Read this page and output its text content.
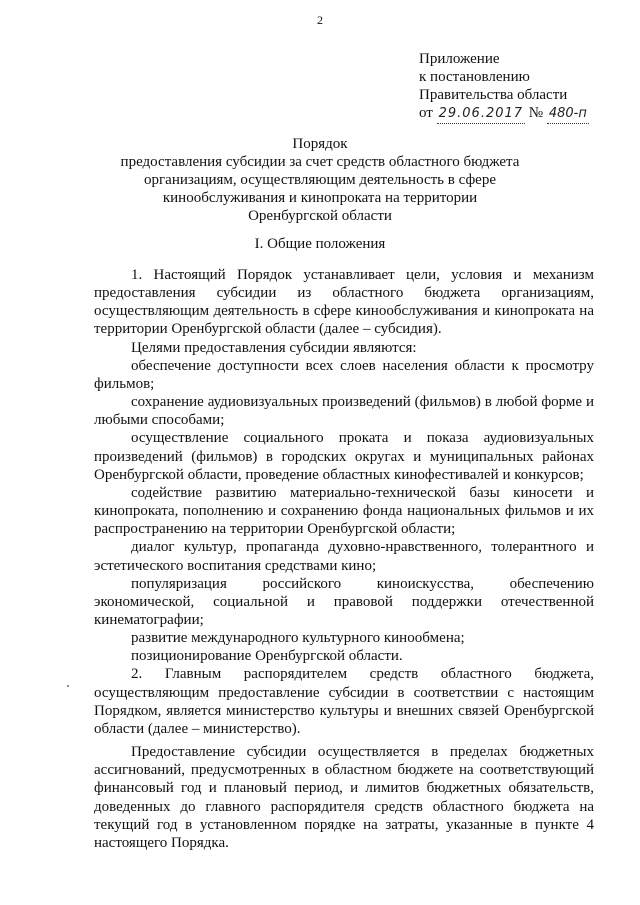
2
Приложение
к постановлению
Правительства области
от 29.06.2017 № 480-п
Порядок
предоставления субсидии за счет средств областного бюджета
организациям, осуществляющим деятельность в сфере
кинообслуживания и кинопроката на территории
Оренбургской области
I. Общие положения

1. Настоящий Порядок устанавливает цели, условия и механизм предоставления субсидии из областного бюджета организациям, осуществляющим деятельность в сфере кинообслуживания и кинопроката на территории Оренбургской области (далее – субсидия).

Целями предоставления субсидии являются:

обеспечение доступности всех слоев населения области к просмотру фильмов;

сохранение аудиовизуальных произведений (фильмов) в любой форме и любыми способами;

осуществление социального проката и показа аудиовизуальных произведений (фильмов) в городских округах и муниципальных районах Оренбургской области, проведение областных кинофестивалей и конкурсов;

содействие развитию материально-технической базы киносети и кинопроката, пополнению и сохранению фонда национальных фильмов и их распространению на территории Оренбургской области;

диалог культур, пропаганда духовно-нравственного, толерантного и эстетического воспитания средствами кино;

популяризация российского киноискусства, обеспечению экономической, социальной и правовой поддержки отечественной кинематографии;

развитие международного культурного кинообмена;

позиционирование Оренбургской области.

2. Главным распорядителем средств областного бюджета, осуществляющим предоставление субсидии в соответствии с настоящим Порядком, является министерство культуры и внешних связей Оренбургской области (далее – министерство).

Предоставление субсидии осуществляется в пределах бюджетных ассигнований, предусмотренных в областном бюджете на соответствующий финансовый год и плановый период, и лимитов бюджетных обязательств, доведенных до главного распорядителя средств областного бюджета на текущий год в установленном порядке на затраты, указанные в пункте 4 настоящего Порядка.
